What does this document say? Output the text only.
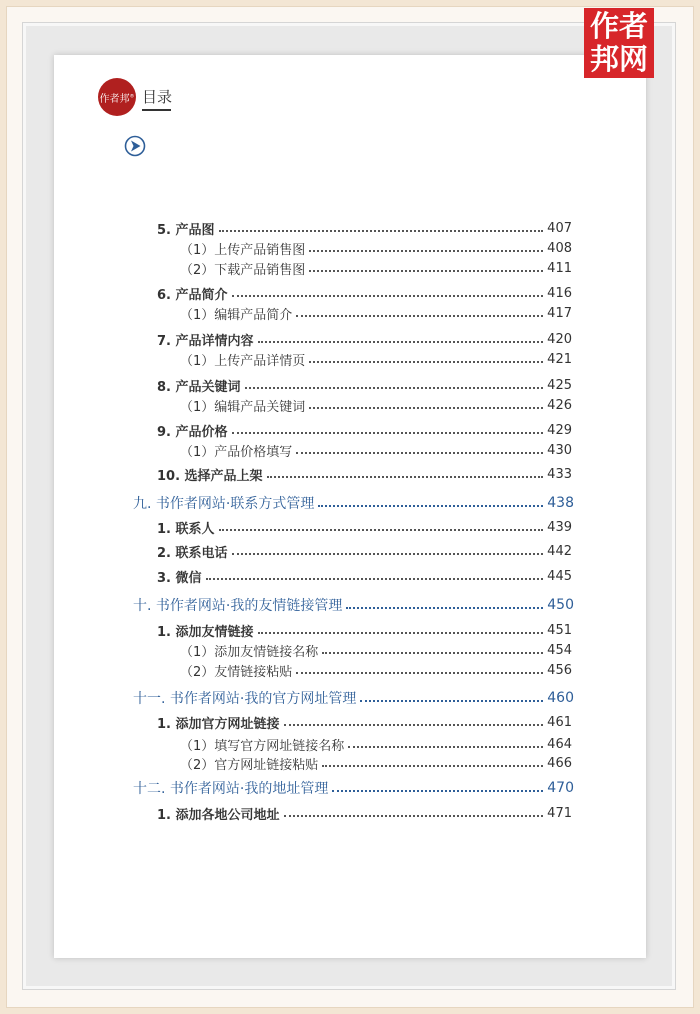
作者
邦网
作者邦® 目录
5. 产品图	407
（1）上传产品销售图	408
（2）下载产品销售图	411
6. 产品简介	416
（1）编辑产品简介	417
7. 产品详情内容	420
（1）上传产品详情页	421
8. 产品关键词	425
（1）编辑产品关键词	426
9. 产品价格	429
（1）产品价格填写	430
10. 选择产品上架	433
九. 书作者网站·联系方式管理	438
1. 联系人	439
2. 联系电话	442
3. 微信	445
十. 书作者网站·我的友情链接管理	450
1. 添加友情链接	451
（1）添加友情链接名称	454
（2）友情链接粘贴	456
十一. 书作者网站·我的官方网址管理	460
1. 添加官方网址链接	461
（1）填写官方网址链接名称	464
（2）官方网址链接粘贴	466
十二. 书作者网站·我的地址管理	470
1. 添加各地公司地址	471
